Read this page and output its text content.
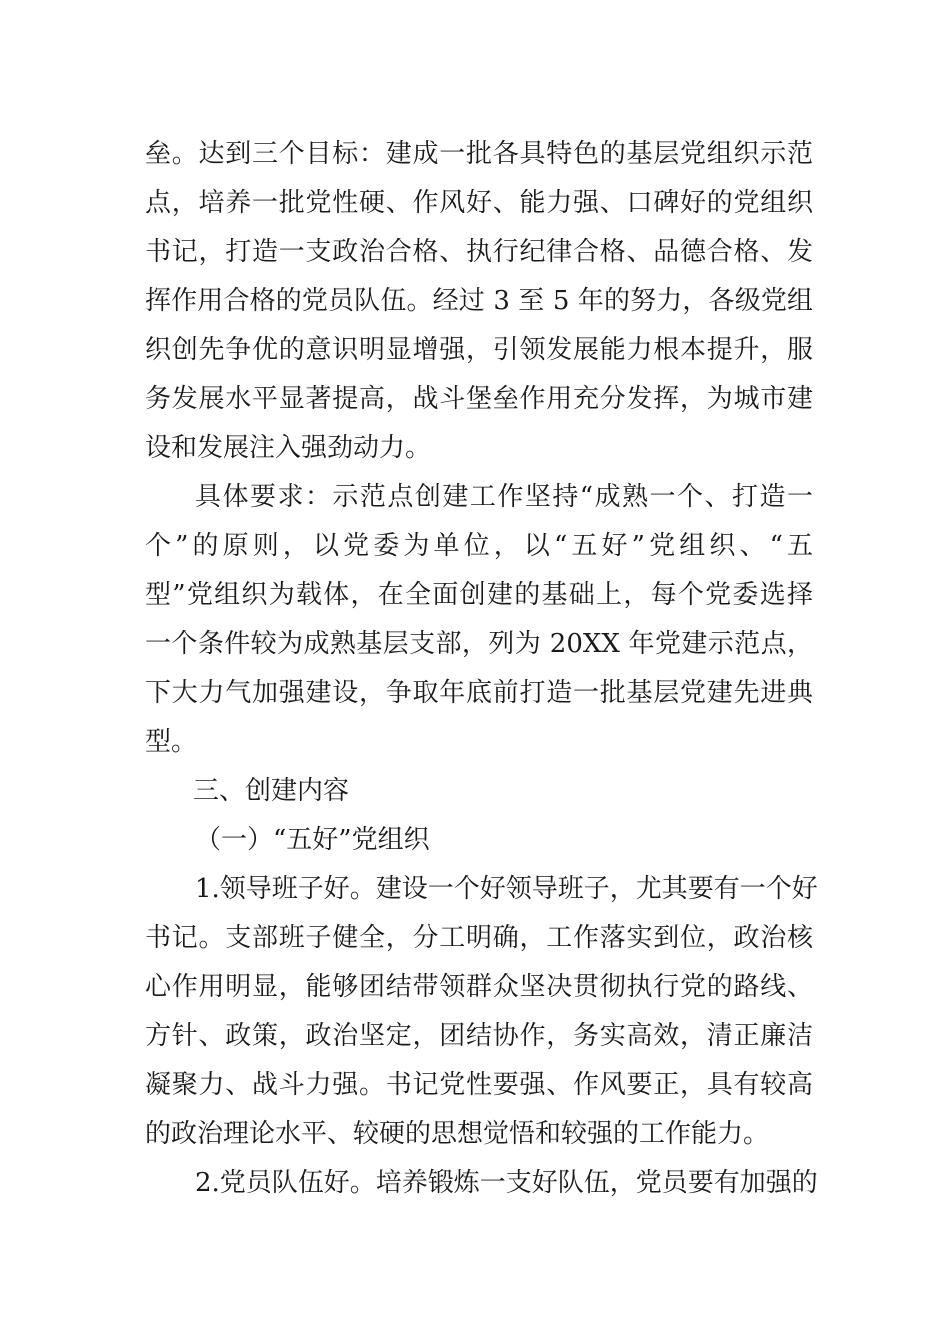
垒。达到三个目标：建成一批各具特色的基层党组织示范
点，培养一批党性硬、作风好、能力强、口碑好的党组织
书记，打造一支政治合格、执行纪律合格、品德合格、发
挥作用合格的党员队伍。经过 3 至 5 年的努力，各级党组
织创先争优的意识明显增强，引领发展能力根本提升，服
务发展水平显著提高，战斗堡垒作用充分发挥，为城市建
设和发展注入强劲动力。
具体要求：示范点创建工作坚持“成熟一个、打造一
个”的原则，以党委为单位，以“五好”党组织、“五
型”党组织为载体，在全面创建的基础上，每个党委选择
一个条件较为成熟基层支部，列为 20XX 年党建示范点，
下大力气加强建设，争取年底前打造一批基层党建先进典
型。
三、创建内容
（一）“五好”党组织
1.领导班子好。建设一个好领导班子，尤其要有一个好
书记。支部班子健全，分工明确，工作落实到位，政治核
心作用明显，能够团结带领群众坚决贯彻执行党的路线、
方针、政策，政治坚定，团结协作，务实高效，清正廉洁
凝聚力、战斗力强。书记党性要强、作风要正，具有较高
的政治理论水平、较硬的思想觉悟和较强的工作能力。
2.党员队伍好。培养锻炼一支好队伍，党员要有加强的
